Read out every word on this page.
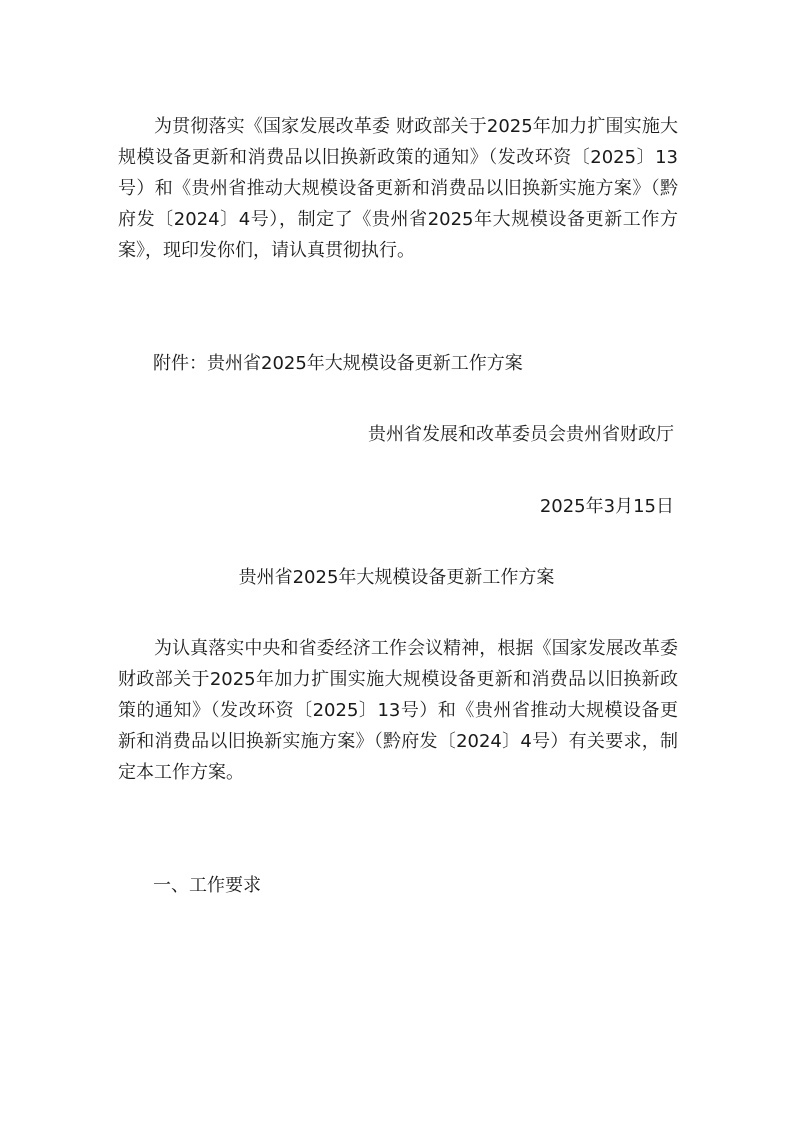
为贯彻落实《国家发展改革委 财政部关于2025年加力扩围实施大规模设备更新和消费品以旧换新政策的通知》（发改环资〔2025〕13号）和《贵州省推动大规模设备更新和消费品以旧换新实施方案》（黔府发〔2024〕4号），制定了《贵州省2025年大规模设备更新工作方案》，现印发你们，请认真贯彻执行。

附件：贵州省2025年大规模设备更新工作方案

贵州省发展和改革委员会贵州省财政厅

2025年3月15日

贵州省2025年大规模设备更新工作方案

为认真落实中央和省委经济工作会议精神，根据《国家发展改革委 财政部关于2025年加力扩围实施大规模设备更新和消费品以旧换新政策的通知》（发改环资〔2025〕13号）和《贵州省推动大规模设备更新和消费品以旧换新实施方案》（黔府发〔2024〕4号）有关要求，制定本工作方案。

一、工作要求
